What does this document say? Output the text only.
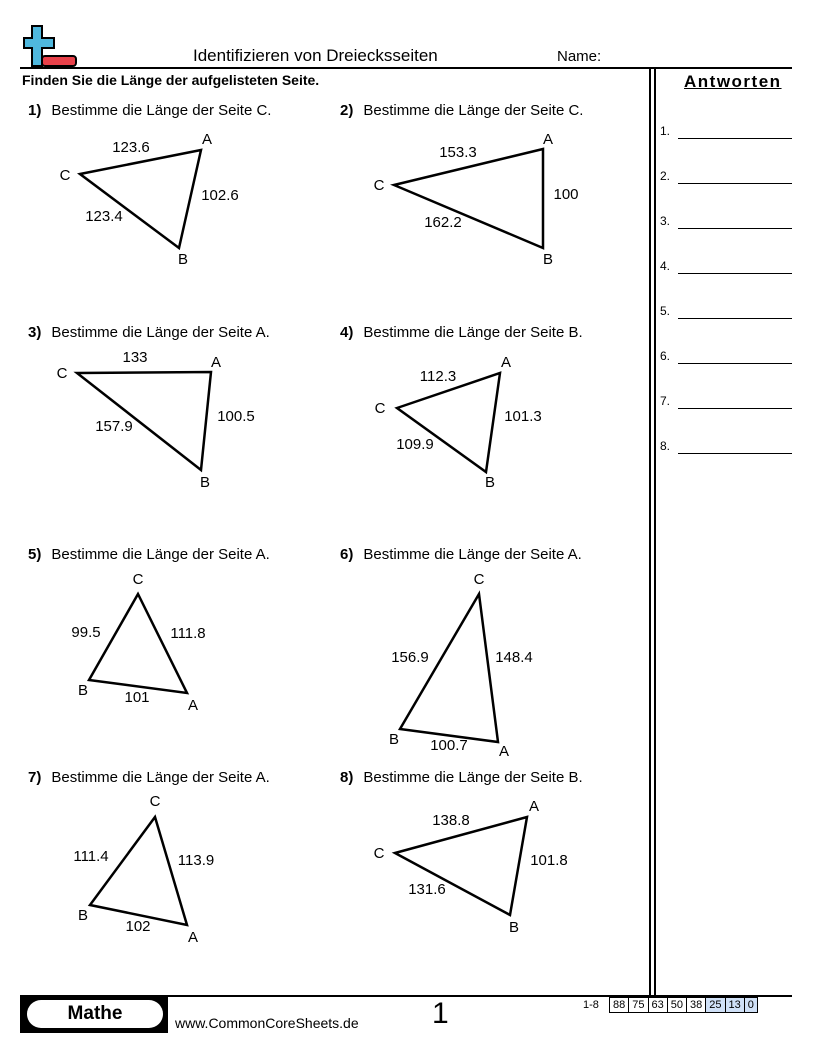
Identifizieren von Dreiecksseiten	Name:
Finden Sie die Länge der aufgelisteten Seite.	Antworten
1) Bestimme die Länge der Seite C.	2) Bestimme die Länge der Seite C.
3) Bestimme die Länge der Seite A.	4) Bestimme die Länge der Seite B.
5) Bestimme die Länge der Seite A.	6) Bestimme die Länge der Seite A.
7) Bestimme die Länge der Seite A.	8) Bestimme die Länge der Seite B.
A
B
C
123.6
102.6
123.4
A
B
C
153.3
100
162.2
A
B
C
133
100.5
157.9
A
B
C
112.3
101.3
109.9
A
B
C
99.5	111.8
101
A
B
C
156.9	148.4
100.7
A
B
C
111.4	113.9
102
A
B
C
138.8
101.8
131.6
1.
2.
3.
4.
5.
6.
7.
8.
Mathe	www.CommonCoreSheets.de 1	1-8 88 75 63 50 38 25 13 0
